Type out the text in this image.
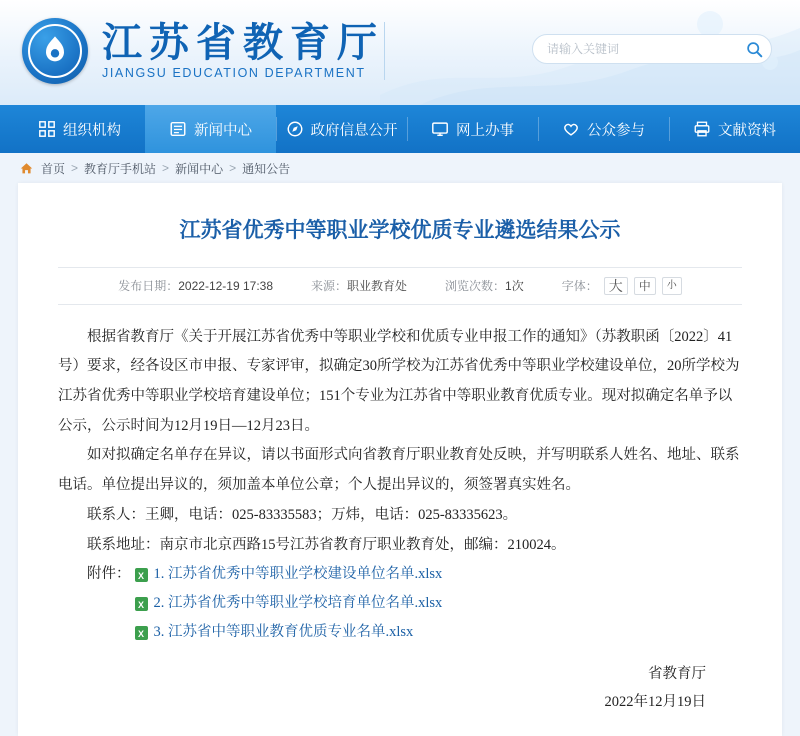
江苏省教育厅
JIANGSU EDUCATION DEPARTMENT
请输入关键词
组织机构	新闻中心	政府信息公开	网上办事	公众参与	文献资料
首页 > 教育厅手机站 > 新闻中心 > 通知公告
江苏省优秀中等职业学校优质专业遴选结果公示
发布日期：2022-12-19 17:38	来源：职业教育处	浏览次数：1次	字体： 大	中	小

根据省教育厅《关于开展江苏省优秀中等职业学校和优质专业申报工作的通知》（苏教职函〔2022〕41号）要求，经各设区市申报、专家评审，拟确定30所学校为江苏省优秀中等职业学校建设单位，20所学校为江苏省优秀中等职业学校培育建设单位；151个专业为江苏省中等职业教育优质专业。现对拟确定名单予以公示，公示时间为12月19日—12月23日。

如对拟确定名单存在异议，请以书面形式向省教育厅职业教育处反映，并写明联系人姓名、地址、联系电话。单位提出异议的，须加盖本单位公章；个人提出异议的，须签署真实姓名。

联系人：王卿，电话：025-83335583；万炜，电话：025-83335623。

联系地址：南京市北京西路15号江苏省教育厅职业教育处，邮编：210024。

附件： X 1. 江苏省优秀中等职业学校建设单位名单.xlsx
X
2. 江苏省优秀中等职业学校培育单位名单.xlsx
X
3. 江苏省中等职业教育优质专业名单.xlsx
省教育厅
2022年12月19日
